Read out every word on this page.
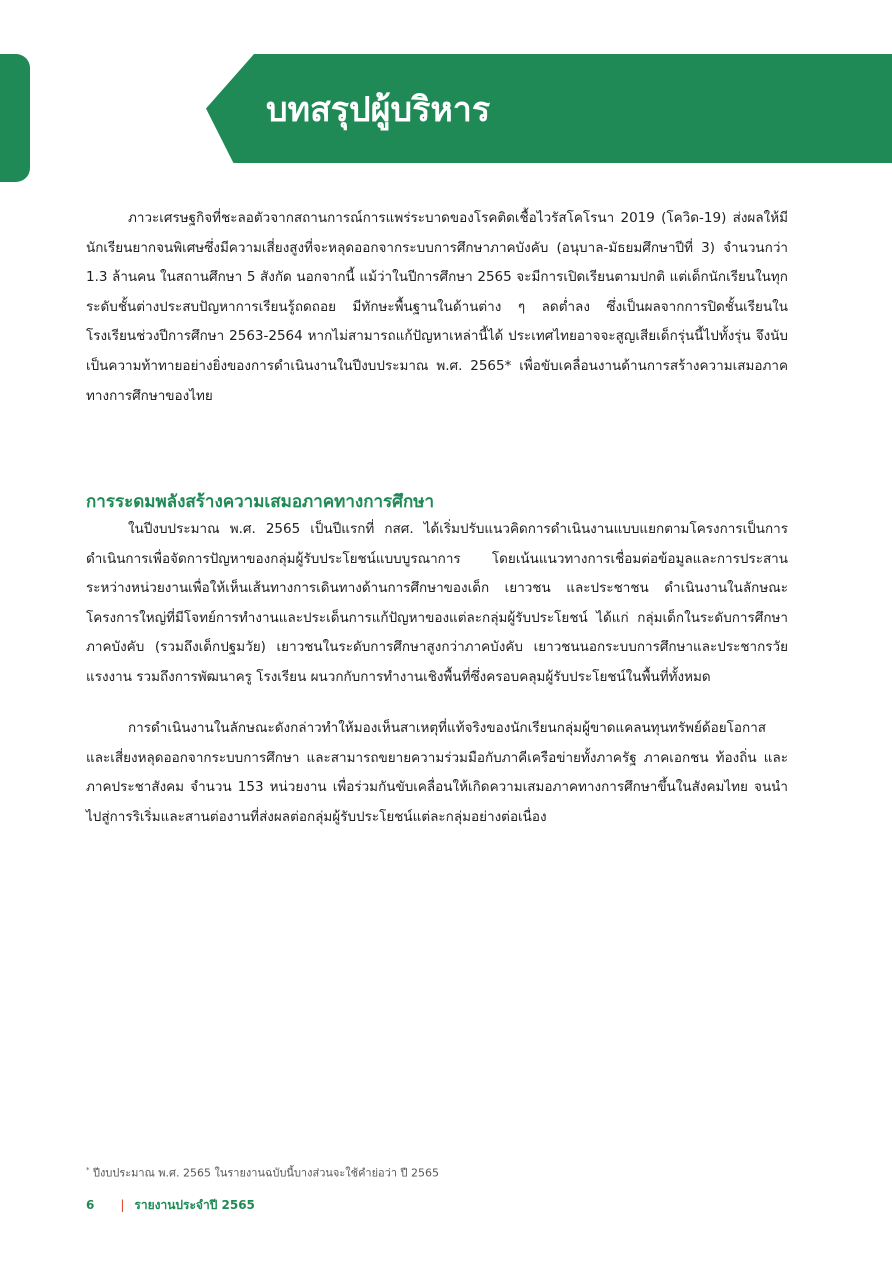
บทสรุปผู้บริหาร

ภาวะเศรษฐกิจที่ชะลอตัวจากสถานการณ์การแพร่ระบาดของโรคติดเชื้อไวรัสโคโรนา 2019 (โควิด-19) ส่งผลให้มีนักเรียนยากจนพิเศษซึ่งมีความเสี่ยงสูงที่จะหลุดออกจากระบบการศึกษาภาคบังคับ (อนุบาล-มัธยมศึกษาปีที่ 3) จำนวนกว่า 1.3 ล้านคน ในสถานศึกษา 5 สังกัด นอกจากนี้ แม้ว่าในปีการศึกษา 2565 จะมีการเปิดเรียนตามปกติ แต่เด็กนักเรียนในทุกระดับชั้นต่างประสบปัญหาการเรียนรู้ถดถอย มีทักษะพื้นฐานในด้านต่าง ๆ ลดต่ำลง ซึ่งเป็นผลจากการปิดชั้นเรียนในโรงเรียนช่วงปีการศึกษา 2563-2564 หากไม่สามารถแก้ปัญหาเหล่านี้ได้ ประเทศไทยอาจจะสูญเสียเด็กรุ่นนี้ไปทั้งรุ่น จึงนับเป็นความท้าทายอย่างยิ่งของการดำเนินงานในปีงบประมาณ พ.ศ. 2565* เพื่อขับเคลื่อนงานด้านการสร้างความเสมอภาคทางการศึกษาของไทย

การระดมพลังสร้างความเสมอภาคทางการศึกษา

ในปีงบประมาณ พ.ศ. 2565 เป็นปีแรกที่ กสศ. ได้เริ่มปรับแนวคิดการดำเนินงานแบบแยกตามโครงการเป็นการดำเนินการเพื่อจัดการปัญหาของกลุ่มผู้รับประโยชน์แบบบูรณาการ โดยเน้นแนวทางการเชื่อมต่อข้อมูลและการประสานระหว่างหน่วยงานเพื่อให้เห็นเส้นทางการเดินทางด้านการศึกษาของเด็ก เยาวชน และประชาชน ดำเนินงานในลักษณะโครงการใหญ่ที่มีโจทย์การทำงานและประเด็นการแก้ปัญหาของแต่ละกลุ่มผู้รับประโยชน์ ได้แก่ กลุ่มเด็กในระดับการศึกษาภาคบังคับ (รวมถึงเด็กปฐมวัย) เยาวชนในระดับการศึกษาสูงกว่าภาคบังคับ เยาวชนนอกระบบการศึกษาและประชากรวัยแรงงาน รวมถึงการพัฒนาครู โรงเรียน ผนวกกับการทำงานเชิงพื้นที่ซึ่งครอบคลุมผู้รับประโยชน์ในพื้นที่ทั้งหมด

การดำเนินงานในลักษณะดังกล่าวทำให้มองเห็นสาเหตุที่แท้จริงของนักเรียนกลุ่มผู้ขาดแคลนทุนทรัพย์ด้อยโอกาส และเสี่ยงหลุดออกจากระบบการศึกษา และสามารถขยายความร่วมมือกับภาคีเครือข่ายทั้งภาครัฐ ภาคเอกชน ท้องถิ่น และภาคประชาสังคม จำนวน 153 หน่วยงาน เพื่อร่วมกันขับเคลื่อนให้เกิดความเสมอภาคทางการศึกษาขึ้นในสังคมไทย จนนำไปสู่การริเริ่มและสานต่องานที่ส่งผลต่อกลุ่มผู้รับประโยชน์แต่ละกลุ่มอย่างต่อเนื่อง

* ปีงบประมาณ พ.ศ. 2565 ในรายงานฉบับนี้บางส่วนจะใช้คำย่อว่า ปี 2565

6 | รายงานประจำปี 2565
